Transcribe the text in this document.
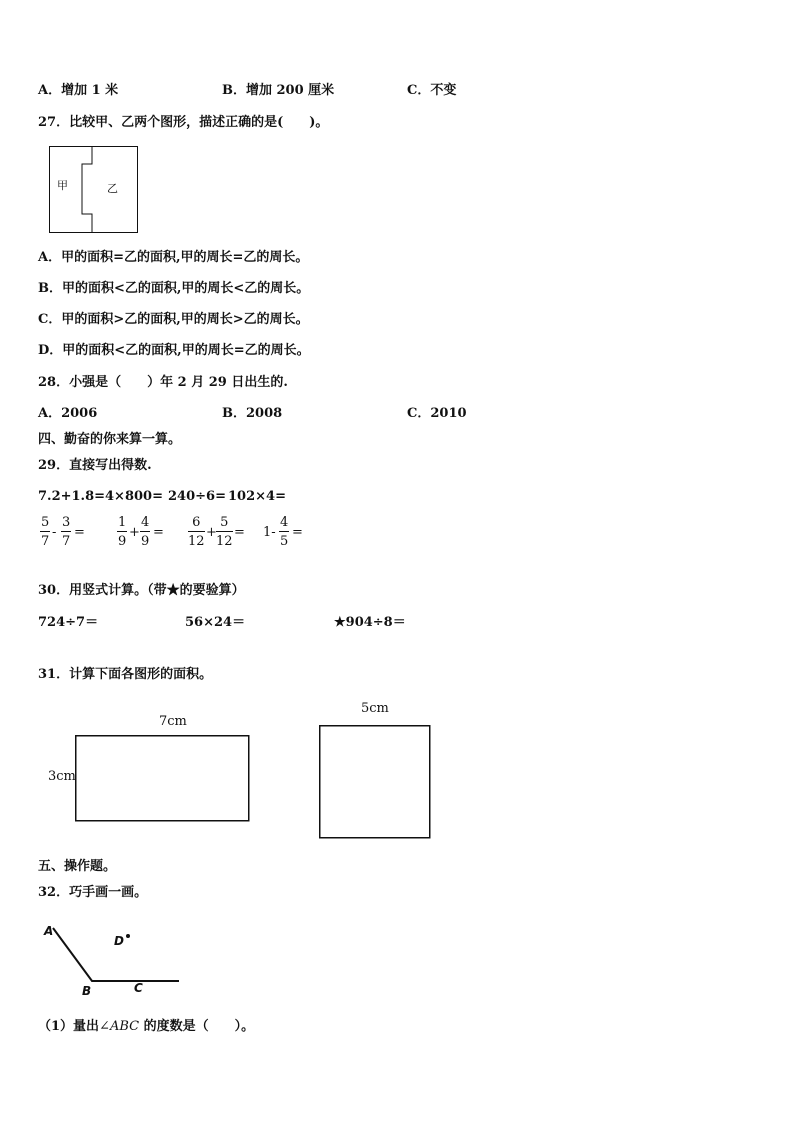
A．增加 1 米	B．增加 200 厘米	C．不变
27．比较甲、乙两个图形，描述正确的是(　　)。
甲	乙
A．甲的面积=乙的面积,甲的周长=乙的周长。
B．甲的面积<乙的面积,甲的周长<乙的周长。
C．甲的面积>乙的面积,甲的周长>乙的周长。
D．甲的面积<乙的面积,甲的周长=乙的周长。
28．小强是（　　）年 2 月 29 日出生的.
A．2006	B．2008	C．2010
四、勤奋的你来算一算。
29．直接写出得数.
7.2+1.8= 4×800= 240÷6= 102×4=
5
7
-
3
7
=
1
9
+
4
9
=
6
12
+
5
12
= 1-
4
5
=
30．用竖式计算。（带★的要验算）
724÷7＝	56×24＝	★904÷8＝
31．计算下面各图形的面积。
7cm
3cm
5cm
五、操作题。
32．巧手画一画。
A
B	C
D
（1）量出∠ABC 的度数是（　　）。
